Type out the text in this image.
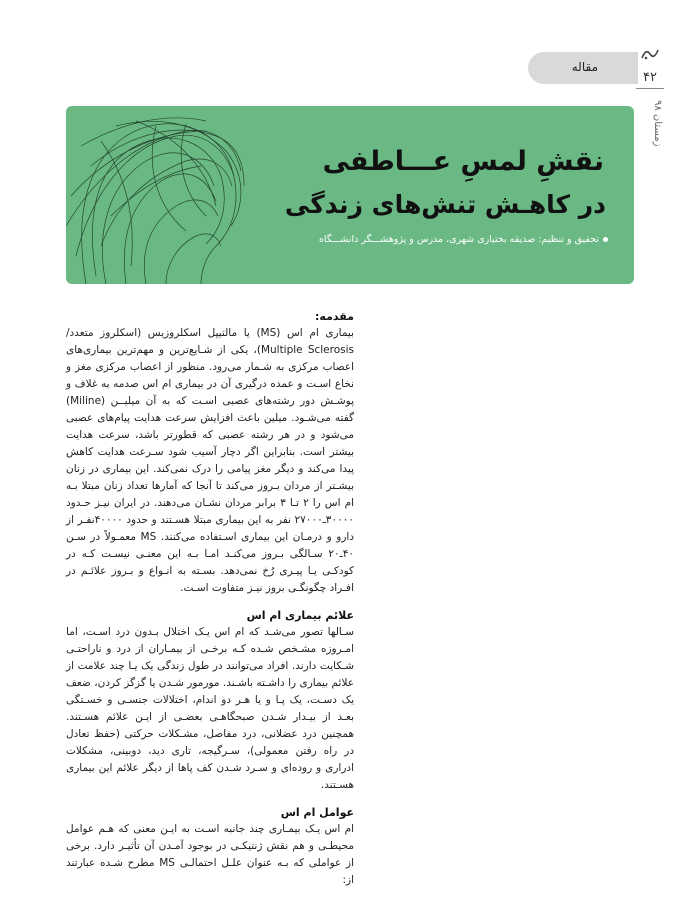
مقاله
۴۲
زمستان ۹۸
نقشِ لمسِ عـــاطفی
در کاهـش تنش‌های زندگی
تحقیق و تنظیم: صدیقه بختیاری شهری، مدرس و پژوهشـــگر دانشـــگاه
مقدمه:

بیماری ام اس (MS) یا مالتیپل اسکلروزیس (اسکلروز متعدد/ Multiple Sclerosis)، یکی از شـایع‌ترین و مهم‌ترین بیماری‌های اعصاب مرکزی به شـمار می‌رود. منظور از اعصاب مرکزی مغز و نخاع اسـت و عمده درگیری آن در بیماری ام اس صدمه به غلاف و پوشـش دور رشته‌های عصبی اسـت که به آن میلیــن (Miline) گفته می‌شـود. میلین باعث افزایش سرعت هدایت پیام‌های عصبی می‌شود و در هر رشته عصبی که قطورتر باشد، سرعت هدایت بیشتر است. بنابراین اگر دچار آسیب شود سـرعت هدایت کاهش پیدا می‌کند و دیگر مغز پیامی را درک نمی‌کند. این بیماری در زنان بیشـتر از مردان بـروز می‌کند تا آنجا که آمارها تعداد زنان مبتلا بـه ام اس را ۲ تـا ۳ برابر مردان نشـان می‌دهند. در ایران نیـز حـدود ۳۰۰۰۰ـ۲۷۰۰۰ نفر به این بیماری مبتلا هسـتند و حدود ۴۰۰۰۰نفـر از دارو و درمـان این بیماری اسـتفاده می‌کنند. MS معمـولاً در سـن ۴۰ـ۲۰ سـالگی بـروز می‌کنـد امـا بـه این معنـی نیسـت کـه در کودکـی یـا پیـری رُخ نمی‌دهد. بسـته به انـواع و بـروز علائـم در افـراد چگونگـی بروز نیـز متفاوت اسـت.

علائم بیماری ام اس

سـالها تصور می‌شـد که ام اس یـک اختلال بـدون درد اسـت، اما امـروزه مشـخص شـده کـه برخـی از بیمـاران از درد و ناراحتـی شـکایت دارند. افراد می‌توانند در طول زندگی یک یـا چند علامت از علائم بیماری را داشـته باشـند. مورمور شـدن یا گزگز کردن، ضعف یک دسـت، یک پـا و یا هـر دو اندام، اختلالات جنسـی و خسـتگی بعـد از بیـدار شـدن صبحگاهـی بعضـی از ایـن علائم هسـتند. همچنین درد عضلانی، درد مفاصل، مشـکلات حرکتی (حفظ تعادل در راه رفتن معمولی)، سـرگیجه، تاری دید، دوبینی، مشکلات ادراری و روده‌ای و سـرد شـدن کف پاها از دیگر علائم این بیماری هسـتند.

عوامل ام اس

ام اس یـک بیمـاری چند جانبه اسـت به ایـن معنی که هـم عوامل محیطـی و هم نقش ژنتیکـی در بوجود آمـدن آن تأثیـر دارد. برخی از عواملی که بـه عنوان علـل احتمالـی MS مطرح شـده عبارتند از:
